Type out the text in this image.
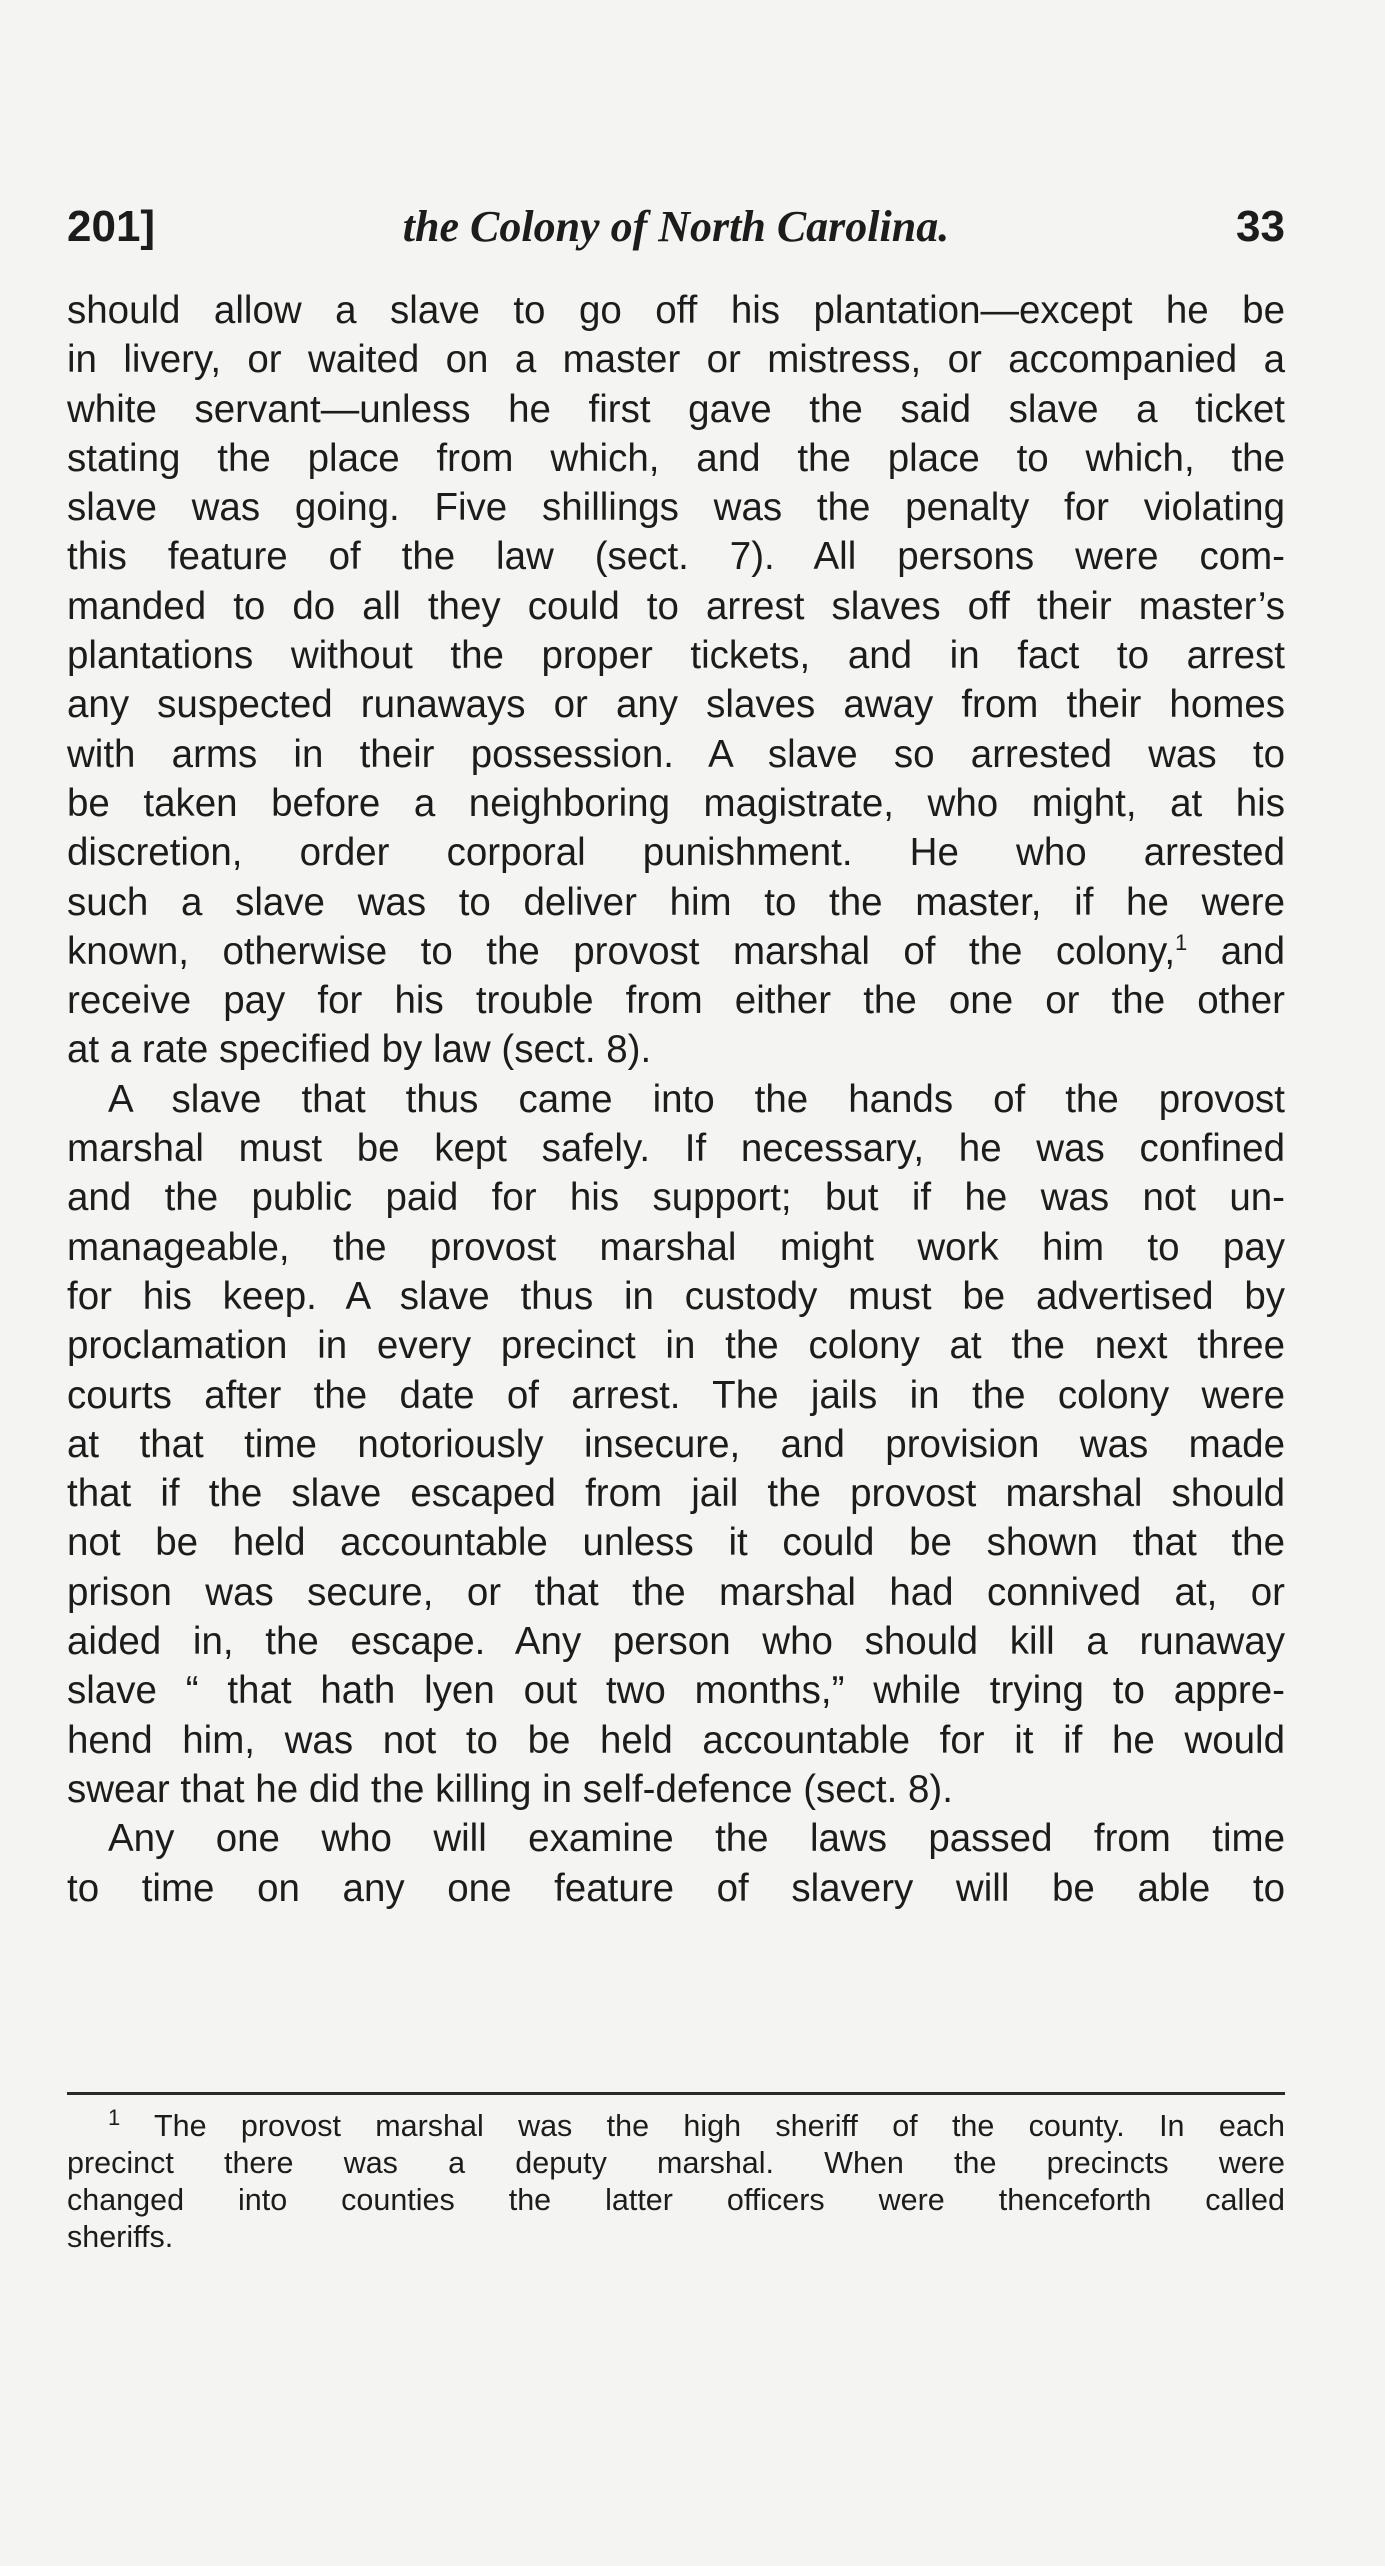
201]	the Colony of North Carolina.	33
should allow a slave to go off his plantation—except he be
in livery, or waited on a master or mistress, or accompanied a
white servant—unless he first gave the said slave a ticket
stating the place from which, and the place to which, the
slave was going. Five shillings was the penalty for violating
this feature of the law (sect. 7). All persons were com-
manded to do all they could to arrest slaves off their master’s
plantations without the proper tickets, and in fact to arrest
any suspected runaways or any slaves away from their homes
with arms in their possession. A slave so arrested was to
be taken before a neighboring magistrate, who might, at his
discretion, order corporal punishment. He who arrested
such a slave was to deliver him to the master, if he were
known, otherwise to the provost marshal of the colony,$^1$ and
receive pay for his trouble from either the one or the other
at a rate specified by law (sect. 8).
A slave that thus came into the hands of the provost
marshal must be kept safely. If necessary, he was confined
and the public paid for his support; but if he was not un-
manageable, the provost marshal might work him to pay
for his keep. A slave thus in custody must be advertised by
proclamation in every precinct in the colony at the next three
courts after the date of arrest. The jails in the colony were
at that time notoriously insecure, and provision was made
that if the slave escaped from jail the provost marshal should
not be held accountable unless it could be shown that the
prison was secure, or that the marshal had connived at, or
aided in, the escape. Any person who should kill a runaway
slave “ that hath lyen out two months,” while trying to appre-
hend him, was not to be held accountable for it if he would
swear that he did the killing in self-defence (sect. 8).
Any one who will examine the laws passed from time
to time on any one feature of slavery will be able to
$^1$ The provost marshal was the high sheriff of the county. In each
precinct there was a deputy marshal. When the precincts were
changed into counties the latter officers were thenceforth called
sheriffs.
